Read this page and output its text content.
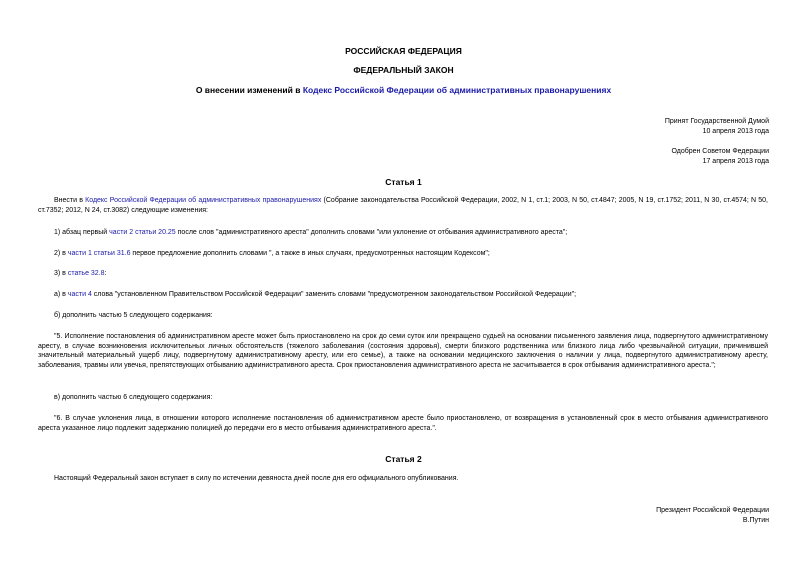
РОССИЙСКАЯ ФЕДЕРАЦИЯ
ФЕДЕРАЛЬНЫЙ ЗАКОН
О внесении изменений в Кодекс Российской Федерации об административных правонарушениях
Принят Государственной Думой
10 апреля 2013 года
Одобрен Советом Федерации
17 апреля 2013 года
Статья 1
Внести в Кодекс Российской Федерации об административных правонарушениях (Собрание законодательства Российской Федерации, 2002, N 1, ст.1; 2003, N 50, ст.4847; 2005, N 19, ст.1752; 2011, N 30, ст.4574; N 50, ст.7352; 2012, N 24, ст.3082) следующие изменения:
1) абзац первый части 2 статьи 20.25 после слов "административного ареста" дополнить словами "или уклонение от отбывания административного ареста";
2) в части 1 статьи 31.6 первое предложение дополнить словами ", а также в иных случаях, предусмотренных настоящим Кодексом";
3) в статье 32.8:
а) в части 4 слова "установленном Правительством Российской Федерации" заменить словами "предусмотренном законодательством Российской Федерации";
б) дополнить частью 5 следующего содержания:
"5. Исполнение постановления об административном аресте может быть приостановлено на срок до семи суток или прекращено судьей на основании письменного заявления лица, подвергнутого административному аресту, в случае возникновения исключительных личных обстоятельств (тяжелого заболевания (состояния здоровья), смерти близкого родственника или близкого лица либо чрезвычайной ситуации, причинившей значительный материальный ущерб лицу, подвергнутому административному аресту, или его семье), а также на основании медицинского заключения о наличии у лица, подвергнутого административному аресту, заболевания, травмы или увечья, препятствующих отбыванию административного ареста. Срок приостановления административного ареста не засчитывается в срок отбывания административного ареста.";
в) дополнить частью 6 следующего содержания:
"6. В случае уклонения лица, в отношении которого исполнение постановления об административном аресте было приостановлено, от возвращения в установленный срок в место отбывания административного ареста указанное лицо подлежит задержанию полицией до передачи его в место отбывания административного ареста.".
Статья 2
Настоящий Федеральный закон вступает в силу по истечении девяноста дней после дня его официального опубликования.
Президент Российской Федерации
В.Путин
